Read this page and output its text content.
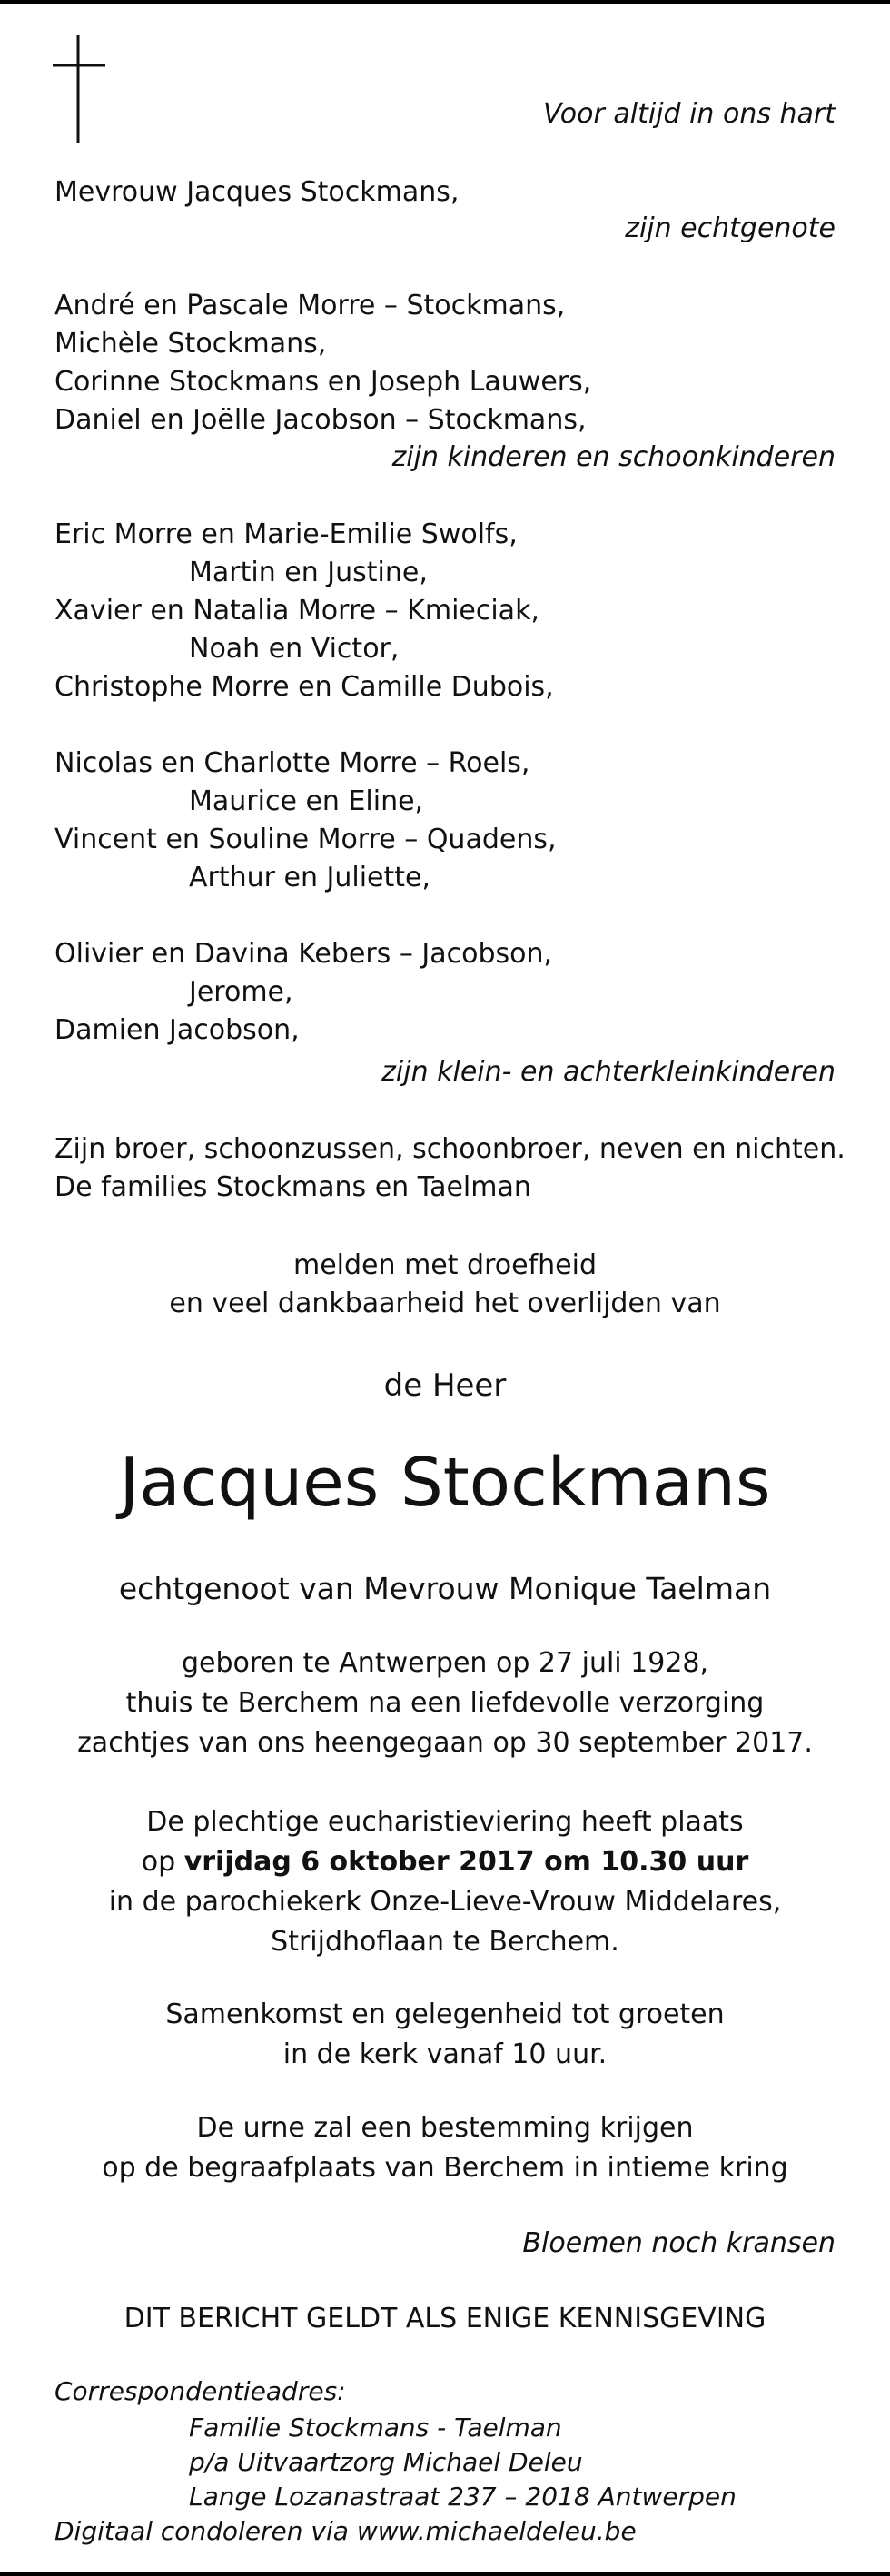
Voor altijd in ons hart
Mevrouw Jacques Stockmans,
zijn echtgenote
André en Pascale Morre – Stockmans,
Michèle Stockmans,
Corinne Stockmans en Joseph Lauwers,
Daniel en Joëlle Jacobson – Stockmans,
zijn kinderen en schoonkinderen
Eric Morre en Marie-Emilie Swolfs,
Martin en Justine,
Xavier en Natalia Morre – Kmieciak,
Noah en Victor,
Christophe Morre en Camille Dubois,
Nicolas en Charlotte Morre – Roels,
Maurice en Eline,
Vincent en Souline Morre – Quadens,
Arthur en Juliette,
Olivier en Davina Kebers – Jacobson,
Jerome,
Damien Jacobson,
zijn klein- en achterkleinkinderen
Zijn broer, schoonzussen, schoonbroer, neven en nichten.
De families Stockmans en Taelman
melden met droefheid
en veel dankbaarheid het overlijden van
de Heer
Jacques Stockmans
echtgenoot van Mevrouw Monique Taelman
geboren te Antwerpen op 27 juli 1928,
thuis te Berchem na een liefdevolle verzorging
zachtjes van ons heengegaan op 30 september 2017.
De plechtige eucharistieviering heeft plaats
op vrijdag 6 oktober 2017 om 10.30 uur
in de parochiekerk Onze-Lieve-Vrouw Middelares,
Strijdhoflaan te Berchem.
Samenkomst en gelegenheid tot groeten
in de kerk vanaf 10 uur.
De urne zal een bestemming krijgen
op de begraafplaats van Berchem in intieme kring
Bloemen noch kransen
DIT BERICHT GELDT ALS ENIGE KENNISGEVING
Correspondentieadres:
Familie Stockmans - Taelman
p/a Uitvaartzorg Michael Deleu
Lange Lozanastraat 237 – 2018 Antwerpen
Digitaal condoleren via www.michaeldeleu.be
